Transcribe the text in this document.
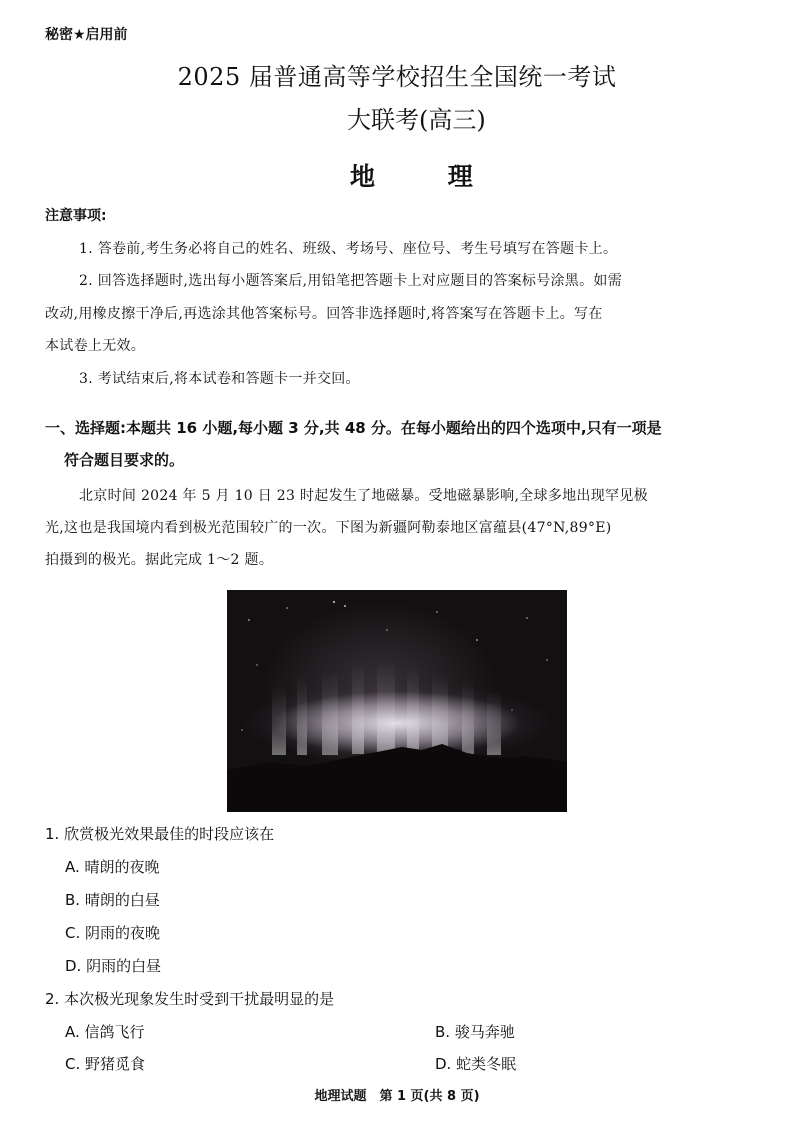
秘密★启用前
2025 届普通高等学校招生全国统一考试
大联考(高三)
地 理
注意事项:
1. 答卷前,考生务必将自己的姓名、班级、考场号、座位号、考生号填写在答题卡上。
2. 回答选择题时,选出每小题答案后,用铅笔把答题卡上对应题目的答案标号涂黑。如需
改动,用橡皮擦干净后,再选涂其他答案标号。回答非选择题时,将答案写在答题卡上。写在
本试卷上无效。
3. 考试结束后,将本试卷和答题卡一并交回。
一、选择题:本题共 16 小题,每小题 3 分,共 48 分。在每小题给出的四个选项中,只有一项是
符合题目要求的。
北京时间 2024 年 5 月 10 日 23 时起发生了地磁暴。受地磁暴影响,全球多地出现罕见极
光,这也是我国境内看到极光范围较广的一次。下图为新疆阿勒泰地区富蕴县(47°N,89°E)
拍摄到的极光。据此完成 1～2 题。
1. 欣赏极光效果最佳的时段应该在
A. 晴朗的夜晚
B. 晴朗的白昼
C. 阴雨的夜晚
D. 阴雨的白昼
2. 本次极光现象发生时受到干扰最明显的是
A. 信鸽飞行	B. 骏马奔驰
C. 野猪觅食	D. 蛇类冬眠
地理试题　第 1 页(共 8 页)
